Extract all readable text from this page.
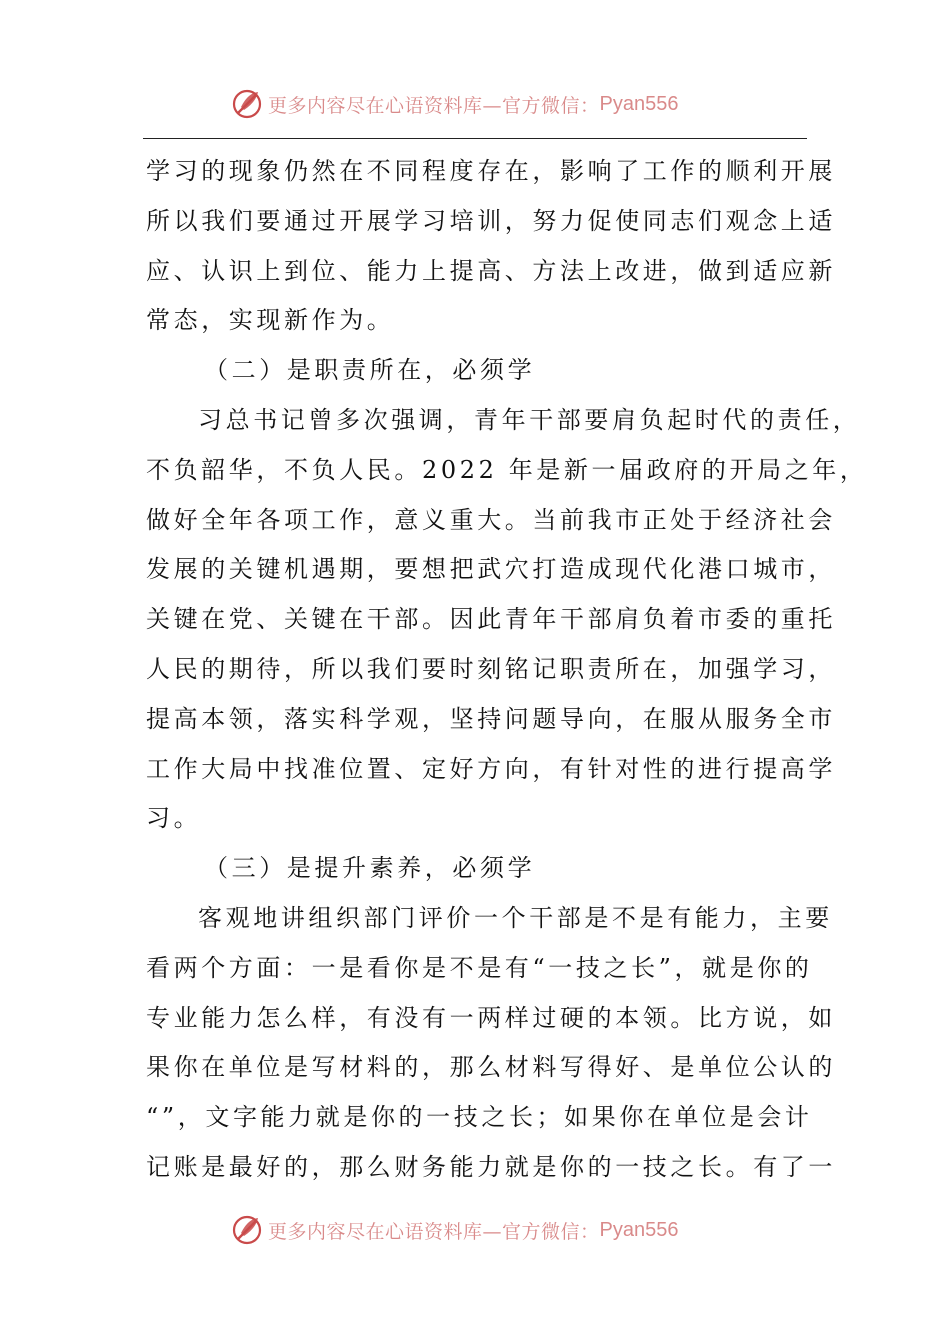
更多内容尽在心语资料库—官方微信： Pyan556
学习的现象仍然在不同程度存在，影响了工作的顺利开展
所以我们要通过开展学习培训，努力促使同志们观念上适
应、认识上到位、能力上提高、方法上改进，做到适应新
常态，实现新作为。
（二）是职责所在，必须学
习总书记曾多次强调，青年干部要肩负起时代的责任，
不负韶华，不负人民。2022 年是新一届政府的开局之年，
做好全年各项工作，意义重大。当前我市正处于经济社会
发展的关键机遇期，要想把武穴打造成现代化港口城市，
关键在党、关键在干部。因此青年干部肩负着市委的重托
人民的期待，所以我们要时刻铭记职责所在，加强学习，
提高本领，落实科学观，坚持问题导向，在服从服务全市
工作大局中找准位置、定好方向，有针对性的进行提高学
习。
（三）是提升素养，必须学
客观地讲组织部门评价一个干部是不是有能力，主要
看两个方面：一是看你是不是有“一技之长”，就是你的
专业能力怎么样，有没有一两样过硬的本领。比方说，如
果你在单位是写材料的，那么材料写得好、是单位公认的
“”，文字能力就是你的一技之长；如果你在单位是会计
记账是最好的，那么财务能力就是你的一技之长。有了一
更多内容尽在心语资料库—官方微信： Pyan556
